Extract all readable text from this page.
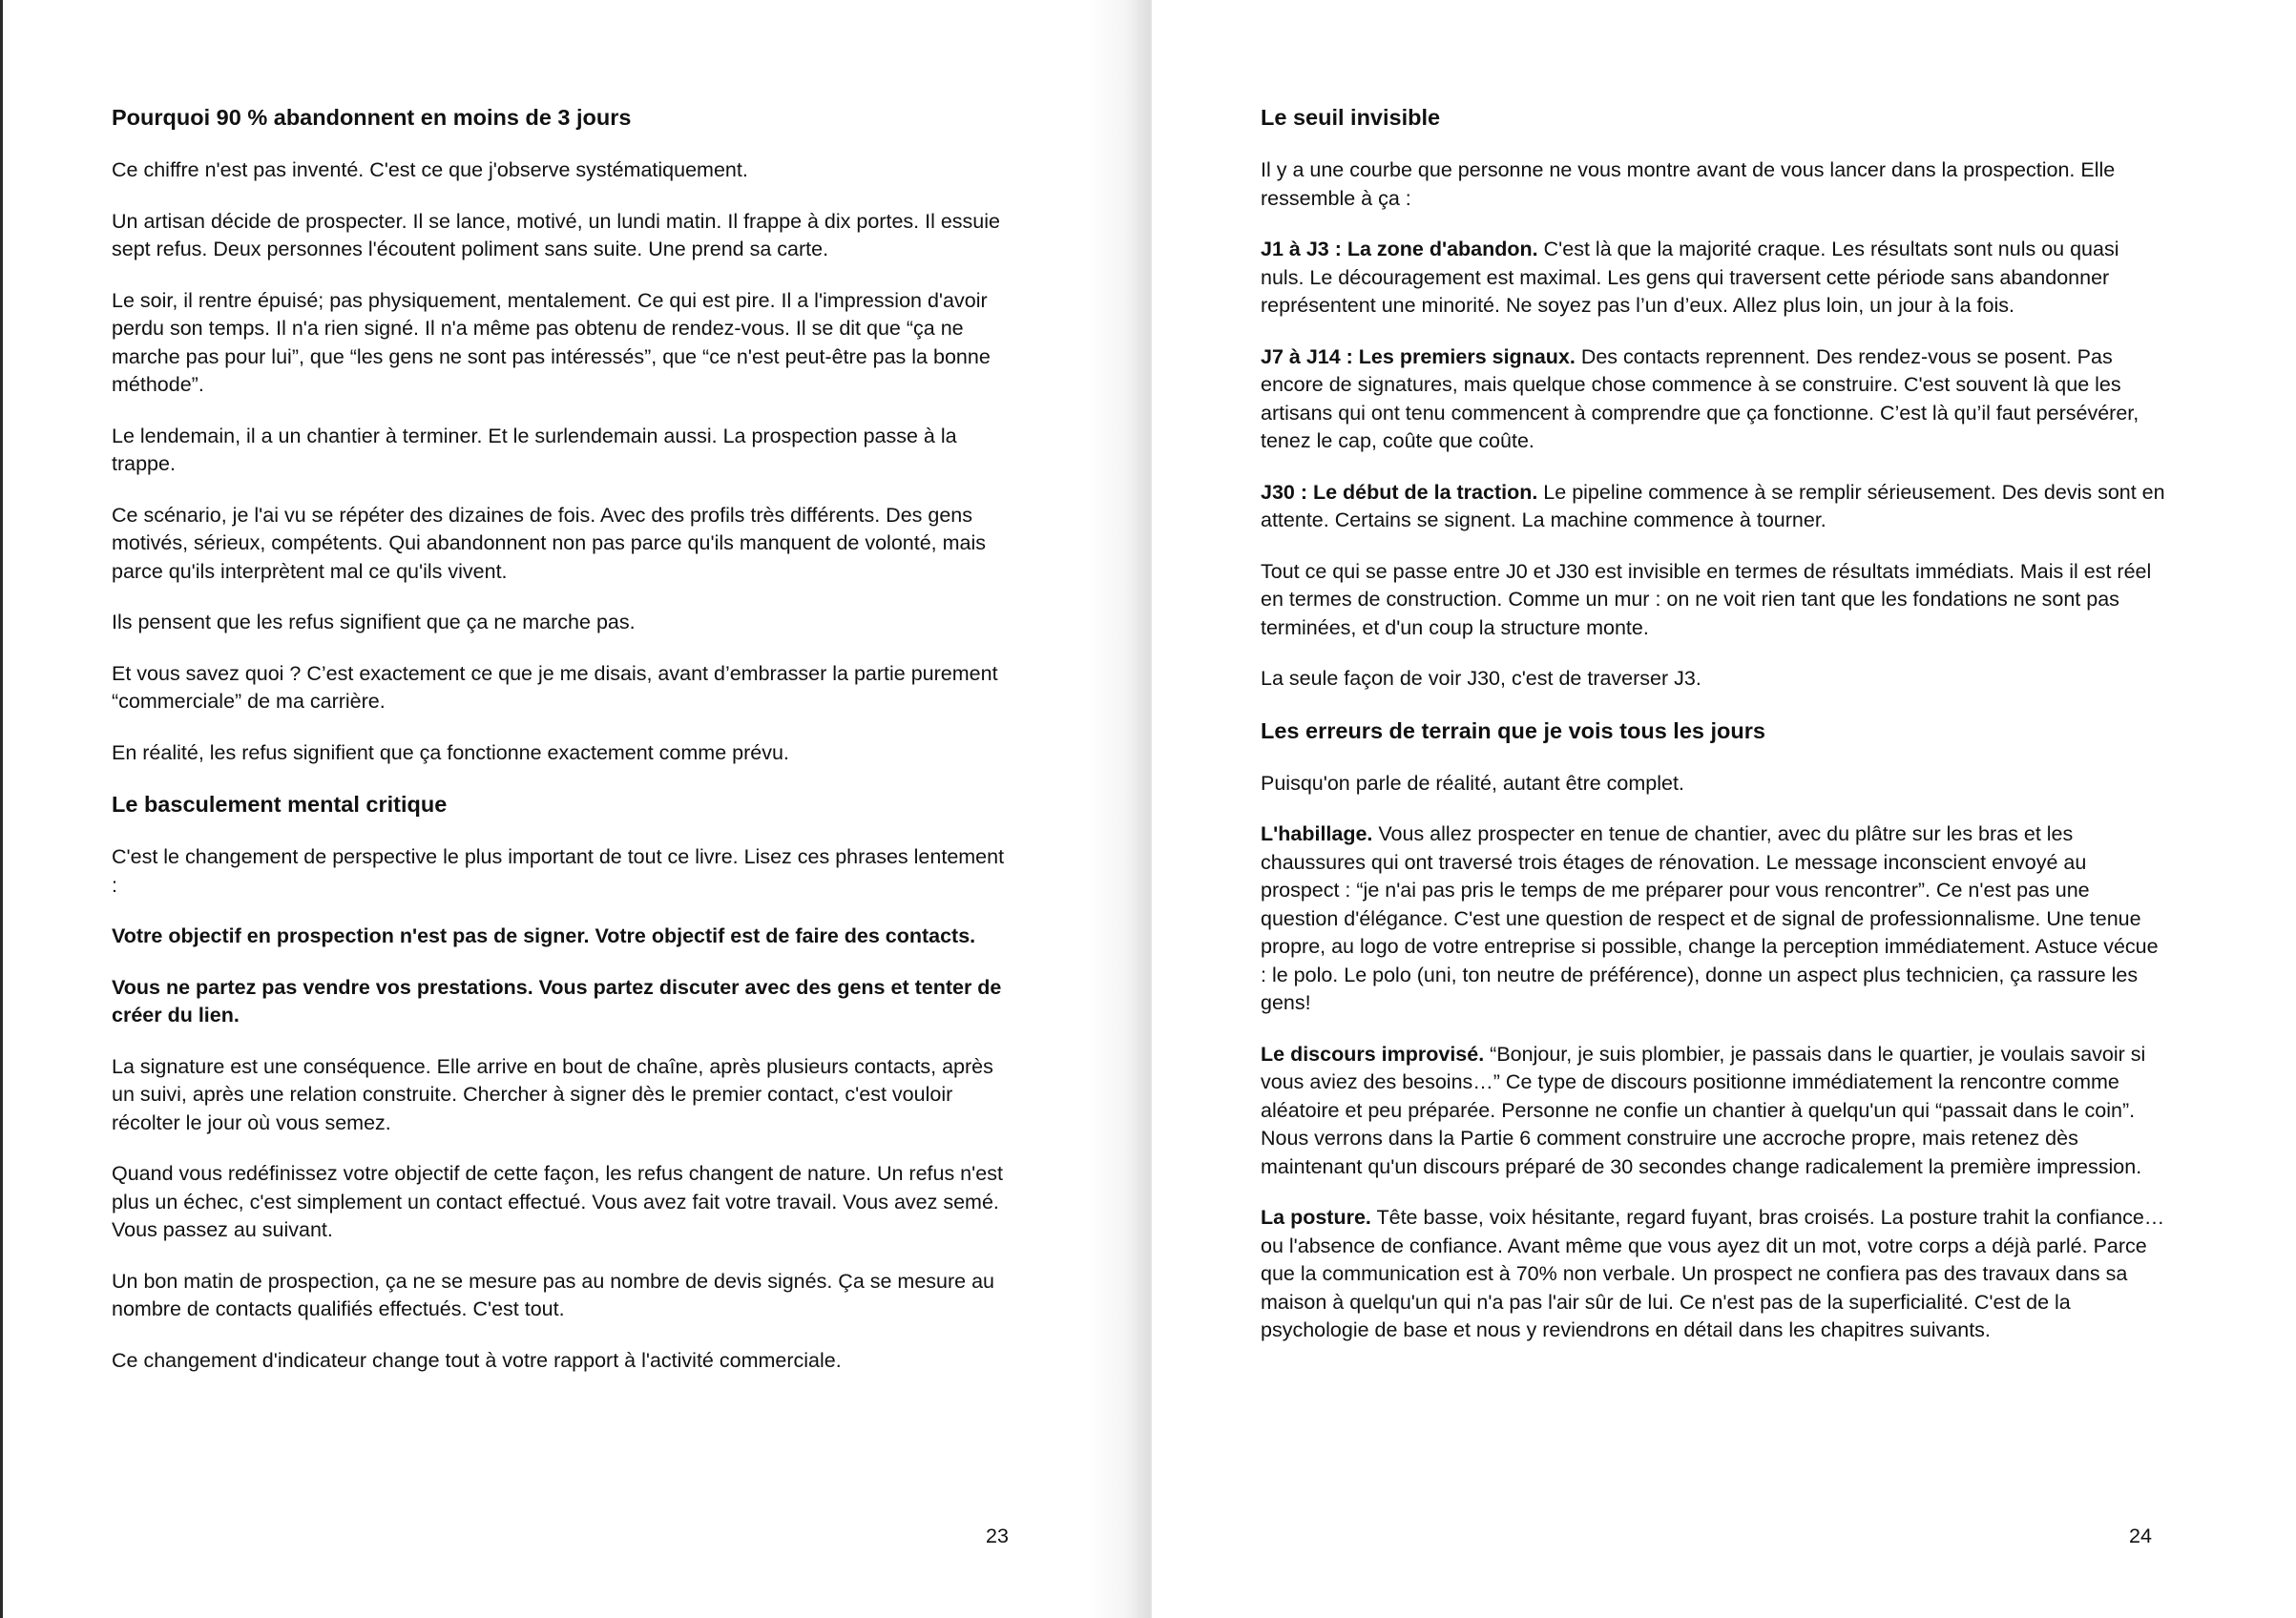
Pourquoi 90 % abandonnent en moins de 3 jours

Ce chiffre n'est pas inventé. C'est ce que j'observe systématiquement.

Un artisan décide de prospecter. Il se lance, motivé, un lundi matin. Il frappe à dix portes. Il essuie sept refus. Deux personnes l'écoutent poliment sans suite. Une prend sa carte.

Le soir, il rentre épuisé; pas physiquement, mentalement. Ce qui est pire. Il a l'impression d'avoir perdu son temps. Il n'a rien signé. Il n'a même pas obtenu de rendez-vous. Il se dit que “ça ne marche pas pour lui”, que “les gens ne sont pas intéressés”, que “ce n'est peut-être pas la bonne méthode”.

Le lendemain, il a un chantier à terminer. Et le surlendemain aussi. La prospection passe à la trappe.

Ce scénario, je l'ai vu se répéter des dizaines de fois. Avec des profils très différents. Des gens motivés, sérieux, compétents. Qui abandonnent non pas parce qu'ils manquent de volonté, mais parce qu'ils interprètent mal ce qu'ils vivent.

Ils pensent que les refus signifient que ça ne marche pas.

Et vous savez quoi ? C’est exactement ce que je me disais, avant d’embrasser la partie purement “commerciale” de ma carrière.

En réalité, les refus signifient que ça fonctionne exactement comme prévu.

Le basculement mental critique

C'est le changement de perspective le plus important de tout ce livre. Lisez ces phrases lentement :

Votre objectif en prospection n'est pas de signer. Votre objectif est de faire des contacts.

Vous ne partez pas vendre vos prestations. Vous partez discuter avec des gens et tenter de créer du lien.

La signature est une conséquence. Elle arrive en bout de chaîne, après plusieurs contacts, après un suivi, après une relation construite. Chercher à signer dès le premier contact, c'est vouloir récolter le jour où vous semez.

Quand vous redéfinissez votre objectif de cette façon, les refus changent de nature. Un refus n'est plus un échec, c'est simplement un contact effectué. Vous avez fait votre travail. Vous avez semé. Vous passez au suivant.

Un bon matin de prospection, ça ne se mesure pas au nombre de devis signés. Ça se mesure au nombre de contacts qualifiés effectués. C'est tout.

Ce changement d'indicateur change tout à votre rapport à l'activité commerciale.

23
Le seuil invisible

Il y a une courbe que personne ne vous montre avant de vous lancer dans la prospection. Elle ressemble à ça :

J1 à J3 : La zone d'abandon. C'est là que la majorité craque. Les résultats sont nuls ou quasi nuls. Le découragement est maximal. Les gens qui traversent cette période sans abandonner représentent une minorité. Ne soyez pas l’un d’eux. Allez plus loin, un jour à la fois.

J7 à J14 : Les premiers signaux. Des contacts reprennent. Des rendez-vous se posent. Pas encore de signatures, mais quelque chose commence à se construire. C'est souvent là que les artisans qui ont tenu commencent à comprendre que ça fonctionne. C’est là qu’il faut persévérer, tenez le cap, coûte que coûte.

J30 : Le début de la traction. Le pipeline commence à se remplir sérieusement. Des devis sont en attente. Certains se signent. La machine commence à tourner.

Tout ce qui se passe entre J0 et J30 est invisible en termes de résultats immédiats. Mais il est réel en termes de construction. Comme un mur : on ne voit rien tant que les fondations ne sont pas terminées, et d'un coup la structure monte.

La seule façon de voir J30, c'est de traverser J3.

Les erreurs de terrain que je vois tous les jours

Puisqu'on parle de réalité, autant être complet.

L'habillage. Vous allez prospecter en tenue de chantier, avec du plâtre sur les bras et les chaussures qui ont traversé trois étages de rénovation. Le message inconscient envoyé au prospect : “je n'ai pas pris le temps de me préparer pour vous rencontrer”. Ce n'est pas une question d'élégance. C'est une question de respect et de signal de professionnalisme. Une tenue propre, au logo de votre entreprise si possible, change la perception immédiatement. Astuce vécue : le polo. Le polo (uni, ton neutre de préférence), donne un aspect plus technicien, ça rassure les gens!

Le discours improvisé. “Bonjour, je suis plombier, je passais dans le quartier, je voulais savoir si vous aviez des besoins…” Ce type de discours positionne immédiatement la rencontre comme aléatoire et peu préparée. Personne ne confie un chantier à quelqu'un qui “passait dans le coin”. Nous verrons dans la Partie 6 comment construire une accroche propre, mais retenez dès maintenant qu'un discours préparé de 30 secondes change radicalement la première impression.

La posture. Tête basse, voix hésitante, regard fuyant, bras croisés. La posture trahit la confiance… ou l'absence de confiance. Avant même que vous ayez dit un mot, votre corps a déjà parlé. Parce que la communication est à 70% non verbale. Un prospect ne confiera pas des travaux dans sa maison à quelqu'un qui n'a pas l'air sûr de lui. Ce n'est pas de la superficialité. C'est de la psychologie de base et nous y reviendrons en détail dans les chapitres suivants.

24
